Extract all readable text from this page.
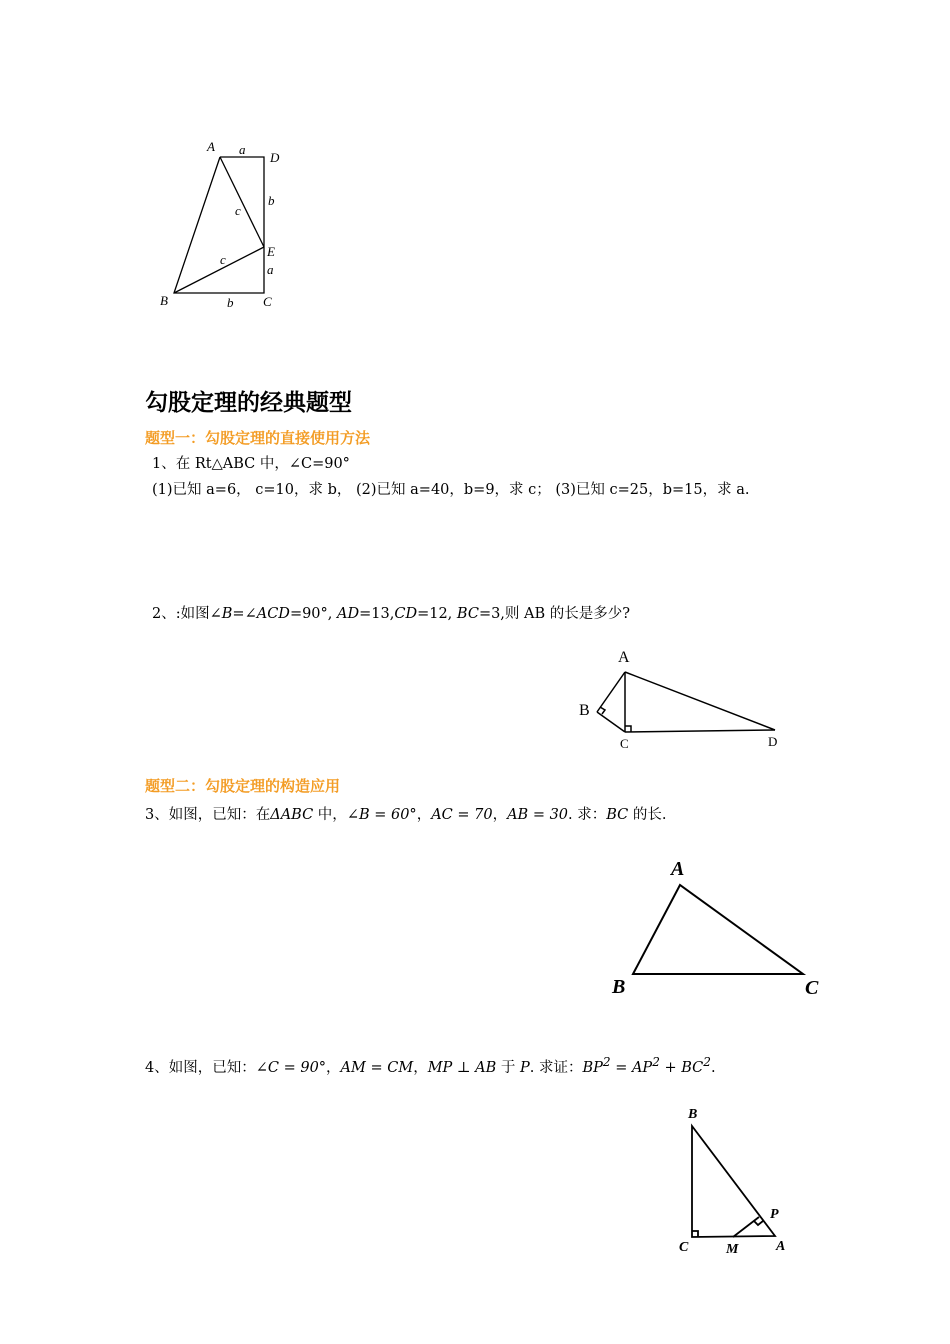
A a
D
c
b
E
c
a
B	b C
勾股定理的经典题型
题型一：勾股定理的直接使用方法
1、在 Rt△ABC 中，∠C=90°
(1)已知 a=6， c=10，求 b， (2)已知 a=40，b=9，求 c； (3)已知 c=25，b=15，求 a.
2、:如图∠B=∠ACD=90°, AD=13,CD=12, BC=3,则 AB 的长是多少?
A
B
C	D
题型二：勾股定理的构造应用
3、如图，已知：在ΔABC 中，∠B = 60°，AC = 70，AB = 30. 求：BC 的长.
A
B	C
4、如图，已知：∠C = 90°，AM = CM，MP ⊥ AB 于 P. 求证：$BP^2 = AP^2 + BC^2$.
B
P
C	M	A
